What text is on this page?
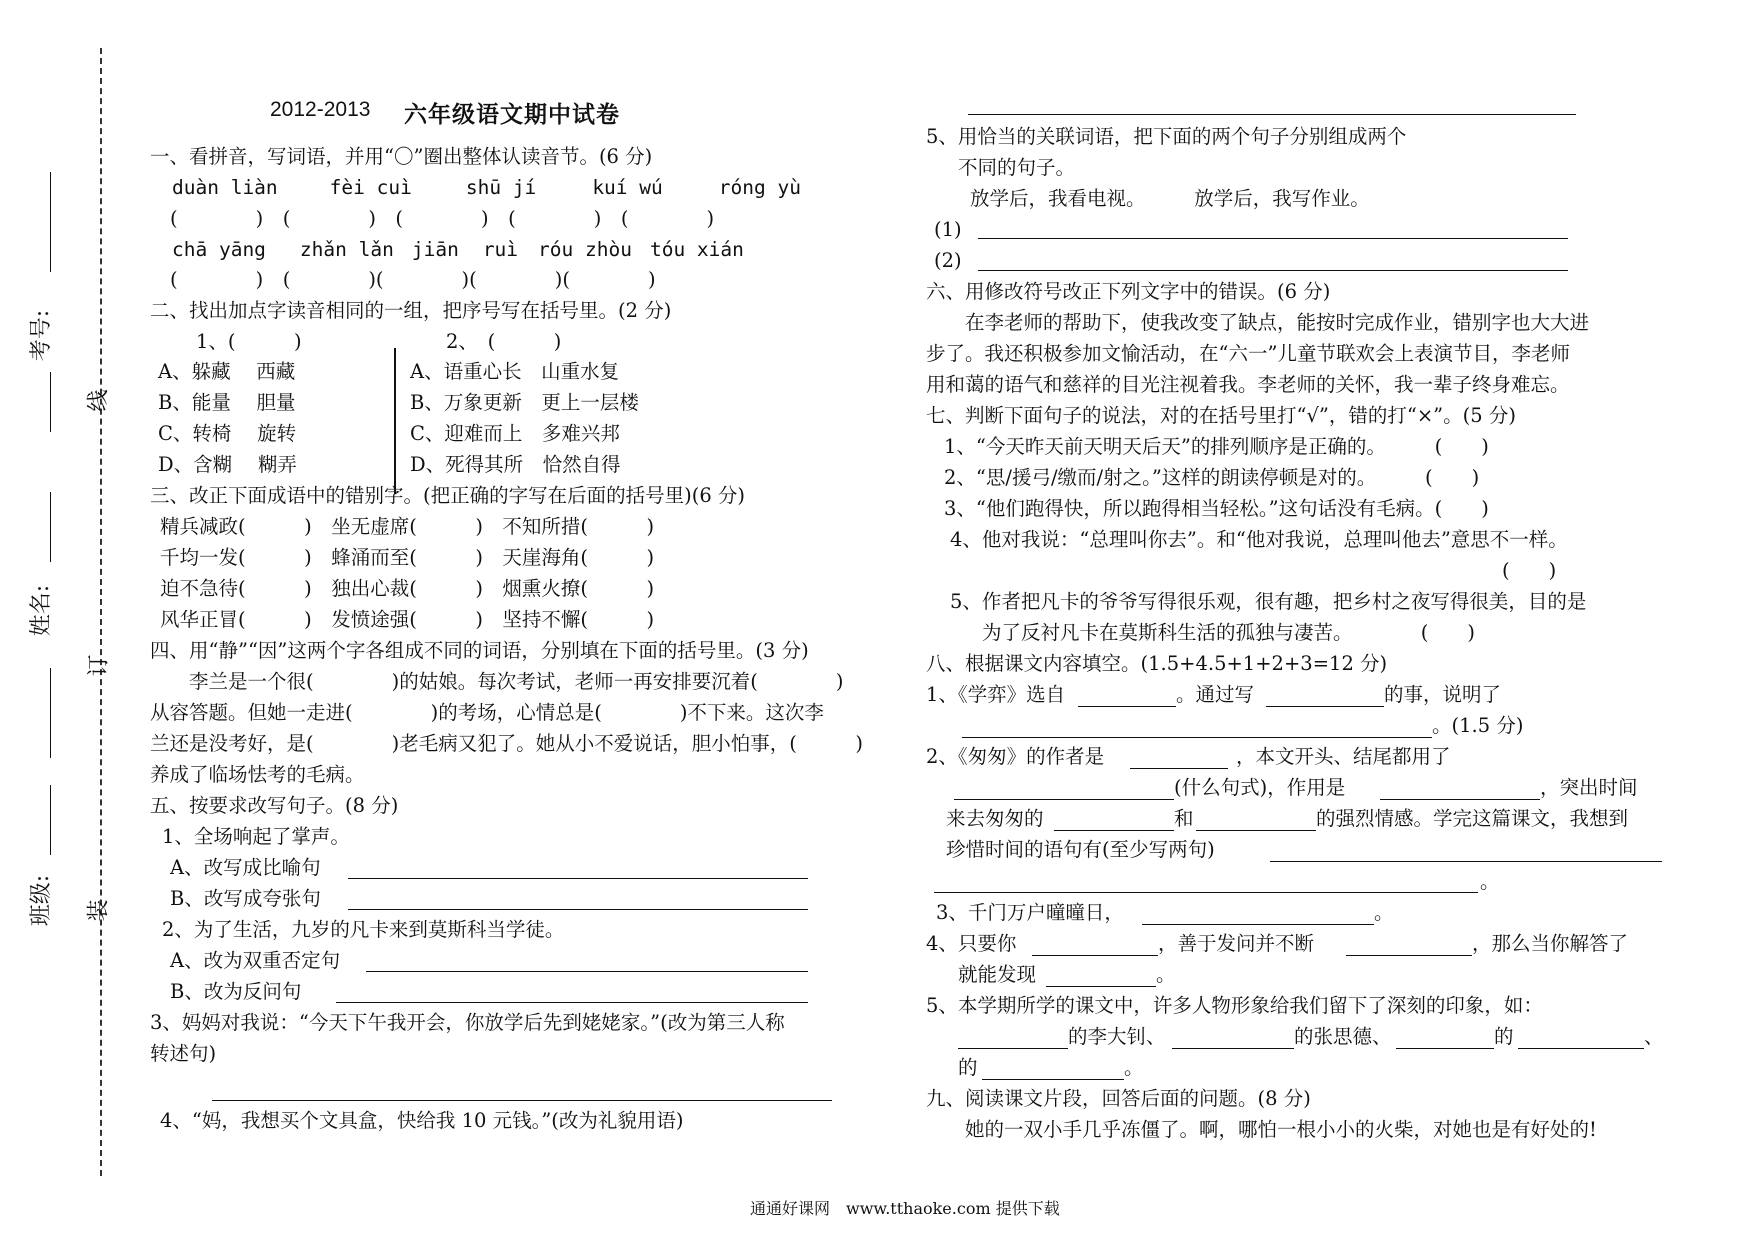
考号:
线
姓名:
订
班级: 装
2012-2013 六年级语文期中试卷
一、看拼音，写词语，并用“〇”圈出整体认读音节。(6 分)
duàn liàn	fèi cuì	shū jí	kuí wú	róng yù
(　　　　)　(　　　　)　(　　　　)　(　　　　)　(　　　　)
chā yāng zhǎn lǎn jiān ruì róu zhòu tóu xián
(　　　　)　(　　　　)(　　　　)(　　　　)(　　　　)
二、找出加点字读音相同的一组，把序号写在括号里。(2 分)
1、(　　　)	2、　(　　　)
A、躲藏　 西藏
B、能量　 胆量
C、转椅　 旋转
D、含糊　 糊弄
A、语重心长　山重水复
B、万象更新　更上一层楼
C、迎难而上　多难兴邦
D、死得其所　恰然自得
三、改正下面成语中的错别字。(把正确的字写在后面的括号里)(6 分)
精兵减政(　　　)　坐无虚席(　　　)　不知所措(　　　)
千均一发(　　　)　蜂涌而至(　　　)　天崖海角(　　　)
迫不急待(　　　)　独出心裁(　　　)　烟熏火撩(　　　)
风华正冒(　　　)　发愤途强(　　　)　坚持不懈(　　　)
四、用“静”“因”这两个字各组成不同的词语，分别填在下面的括号里。(3 分)
　　李兰是一个很(　　　　)的姑娘。每次考试，老师一再安排要沉着(　　　　)
从容答题。但她一走进(　　　　)的考场，心情总是(　　　　)不下来。这次李
兰还是没考好，是(　　　　)老毛病又犯了。她从小不爱说话，胆小怕事，(　　　)
养成了临场怯考的毛病。
五、按要求改写句子。(8 分)
1、全场响起了掌声。
A、改写成比喻句
B、改写成夸张句
2、为了生活，九岁的凡卡来到莫斯科当学徒。
A、改为双重否定句
B、改为反问句
3、妈妈对我说：“今天下午我开会，你放学后先到姥姥家。”(改为第三人称
转述句)
4、“妈，我想买个文具盒，快给我 10 元钱。”(改为礼貌用语)
5、用恰当的关联词语，把下面的两个句子分别组成两个
不同的句子。
放学后，我看电视。　　　放学后，我写作业。
(1)
(2)
六、用修改符号改正下列文字中的错误。(6 分)
　　在李老师的帮助下，使我改变了缺点，能按时完成作业，错别字也大大进
步了。我还积极参加文愉活动，在“六一”儿童节联欢会上表演节目，李老师
用和蔼的语气和慈祥的目光注视着我。李老师的关怀，我一辈子终身难忘。
七、判断下面句子的说法，对的在括号里打“√”，错的打“×”。(5 分)
1、“今天昨天前天明天后天”的排列顺序是正确的。　　　(　　)
2、“思/援弓/缴而/射之。”这样的朗读停顿是对的。　　　(　　)
3、“他们跑得快，所以跑得相当轻松。”这句话没有毛病。(　　)
4、他对我说：“总理叫你去”。和“他对我说，总理叫他去”意思不一样。
(　　)
5、作者把凡卡的爷爷写得很乐观，很有趣，把乡村之夜写得很美，目的是
为了反衬凡卡在莫斯科生活的孤独与凄苦。　　　　(　　)
八、根据课文内容填空。(1.5+4.5+1+2+3=12 分)
1、《学弈》选自	。通过写	的事，说明了
。(1.5 分)
2、《匆匆》的作者是	，本文开头、结尾都用了
(什么句式)，作用是	，突出时间
来去匆匆的	和	的强烈情感。学完这篇课文，我想到
珍惜时间的语句有(至少写两句)
。
3、千门万户曈曈日，	。
4、只要你	，善于发问并不断	，那么当你解答了
就能发现	。
5、本学期所学的课文中，许多人物形象给我们留下了深刻的印象，如：
的李大钊、	的张思德、	的	、
的	。
九、阅读课文片段，回答后面的问题。(8 分)
　　她的一双小手几乎冻僵了。啊，哪怕一根小小的火柴，对她也是有好处的!
通通好课网　www.tthaoke.com 提供下载
